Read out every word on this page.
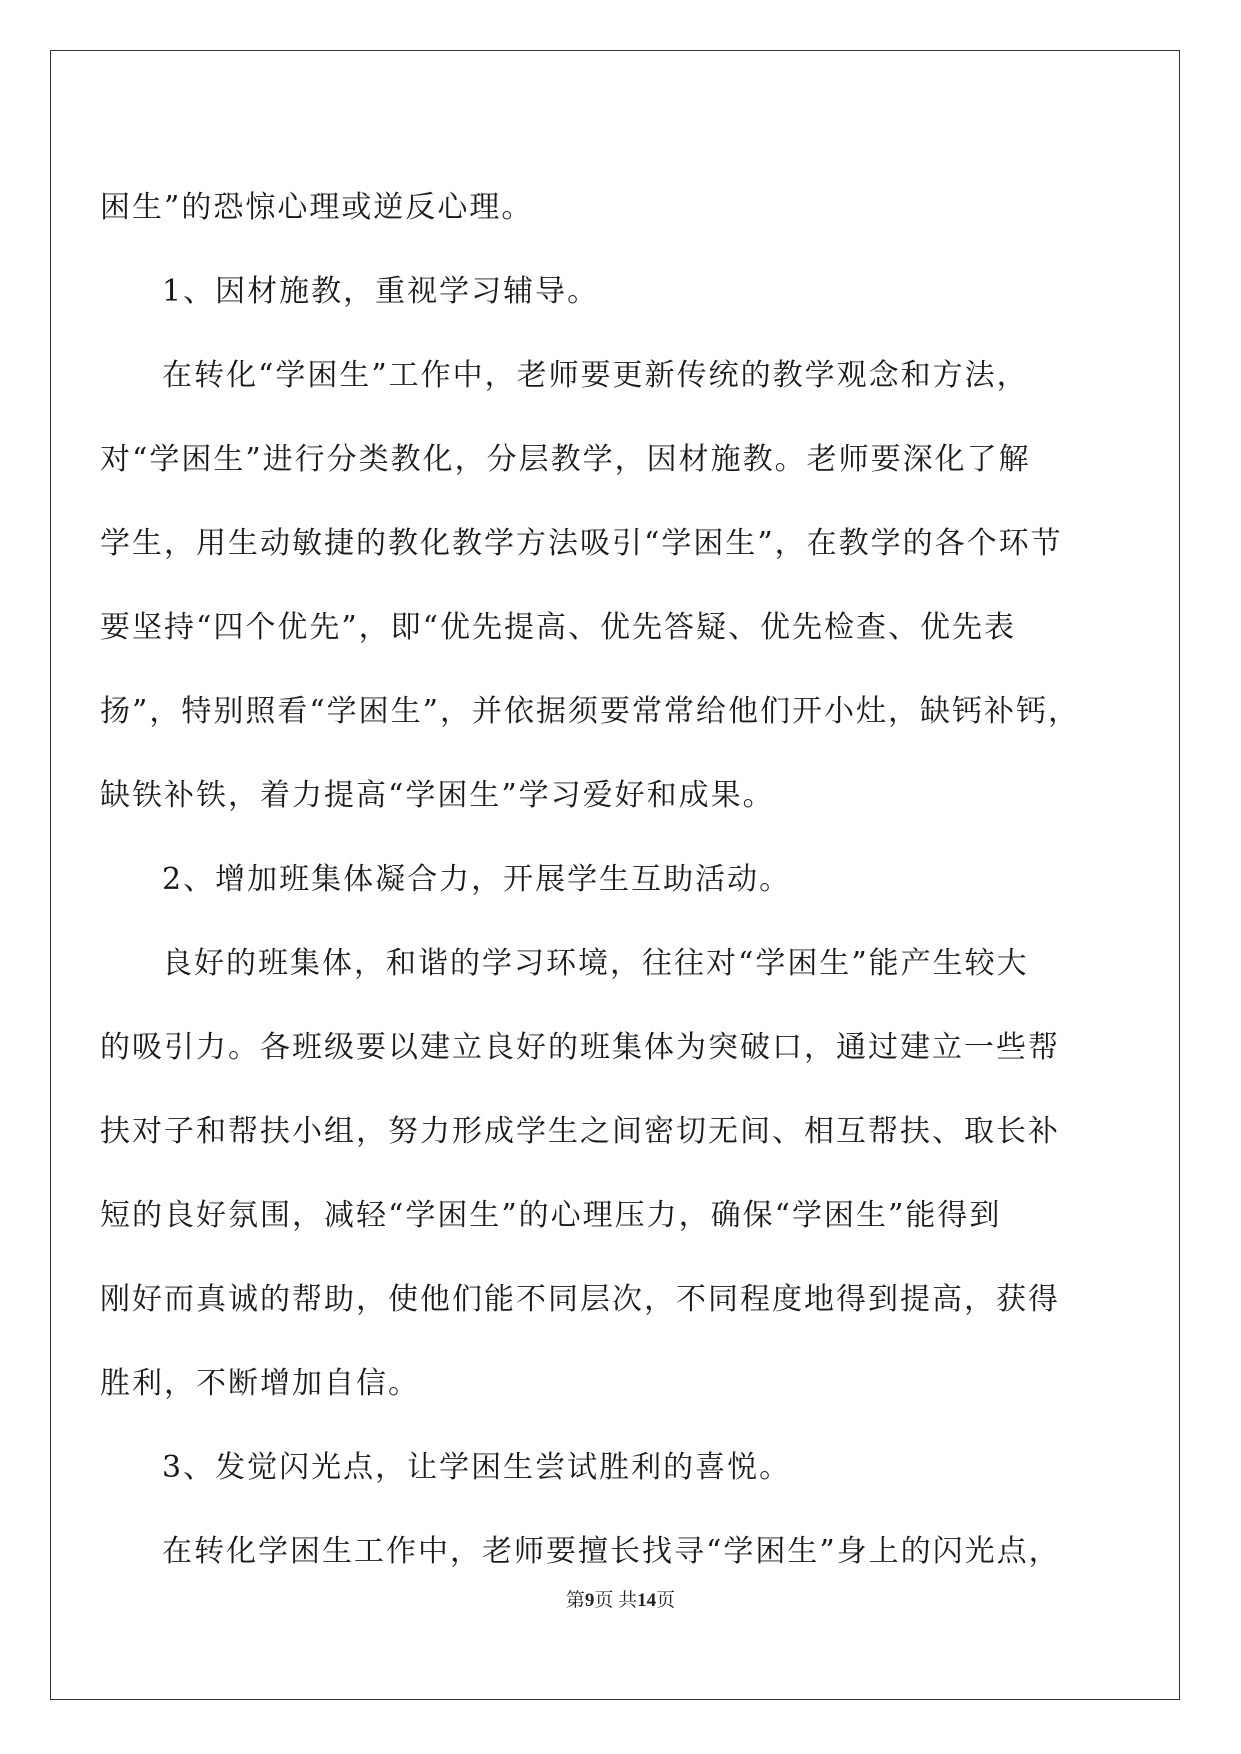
困生”的恐惊心理或逆反心理。
1、因材施教，重视学习辅导。
在转化“学困生”工作中，老师要更新传统的教学观念和方法，
对“学困生”进行分类教化，分层教学，因材施教。老师要深化了解
学生，用生动敏捷的教化教学方法吸引“学困生”，在教学的各个环节
要坚持“四个优先”，即“优先提高、优先答疑、优先检查、优先表
扬”，特别照看“学困生”，并依据须要常常给他们开小灶，缺钙补钙，
缺铁补铁，着力提高“学困生”学习爱好和成果。
2、增加班集体凝合力，开展学生互助活动。
良好的班集体，和谐的学习环境，往往对“学困生”能产生较大
的吸引力。各班级要以建立良好的班集体为突破口，通过建立一些帮
扶对子和帮扶小组，努力形成学生之间密切无间、相互帮扶、取长补
短的良好氛围，减轻“学困生”的心理压力，确保“学困生”能得到
刚好而真诚的帮助，使他们能不同层次，不同程度地得到提高，获得
胜利，不断增加自信。
3、发觉闪光点，让学困生尝试胜利的喜悦。
在转化学困生工作中，老师要擅长找寻“学困生”身上的闪光点，
第9页 共14页
